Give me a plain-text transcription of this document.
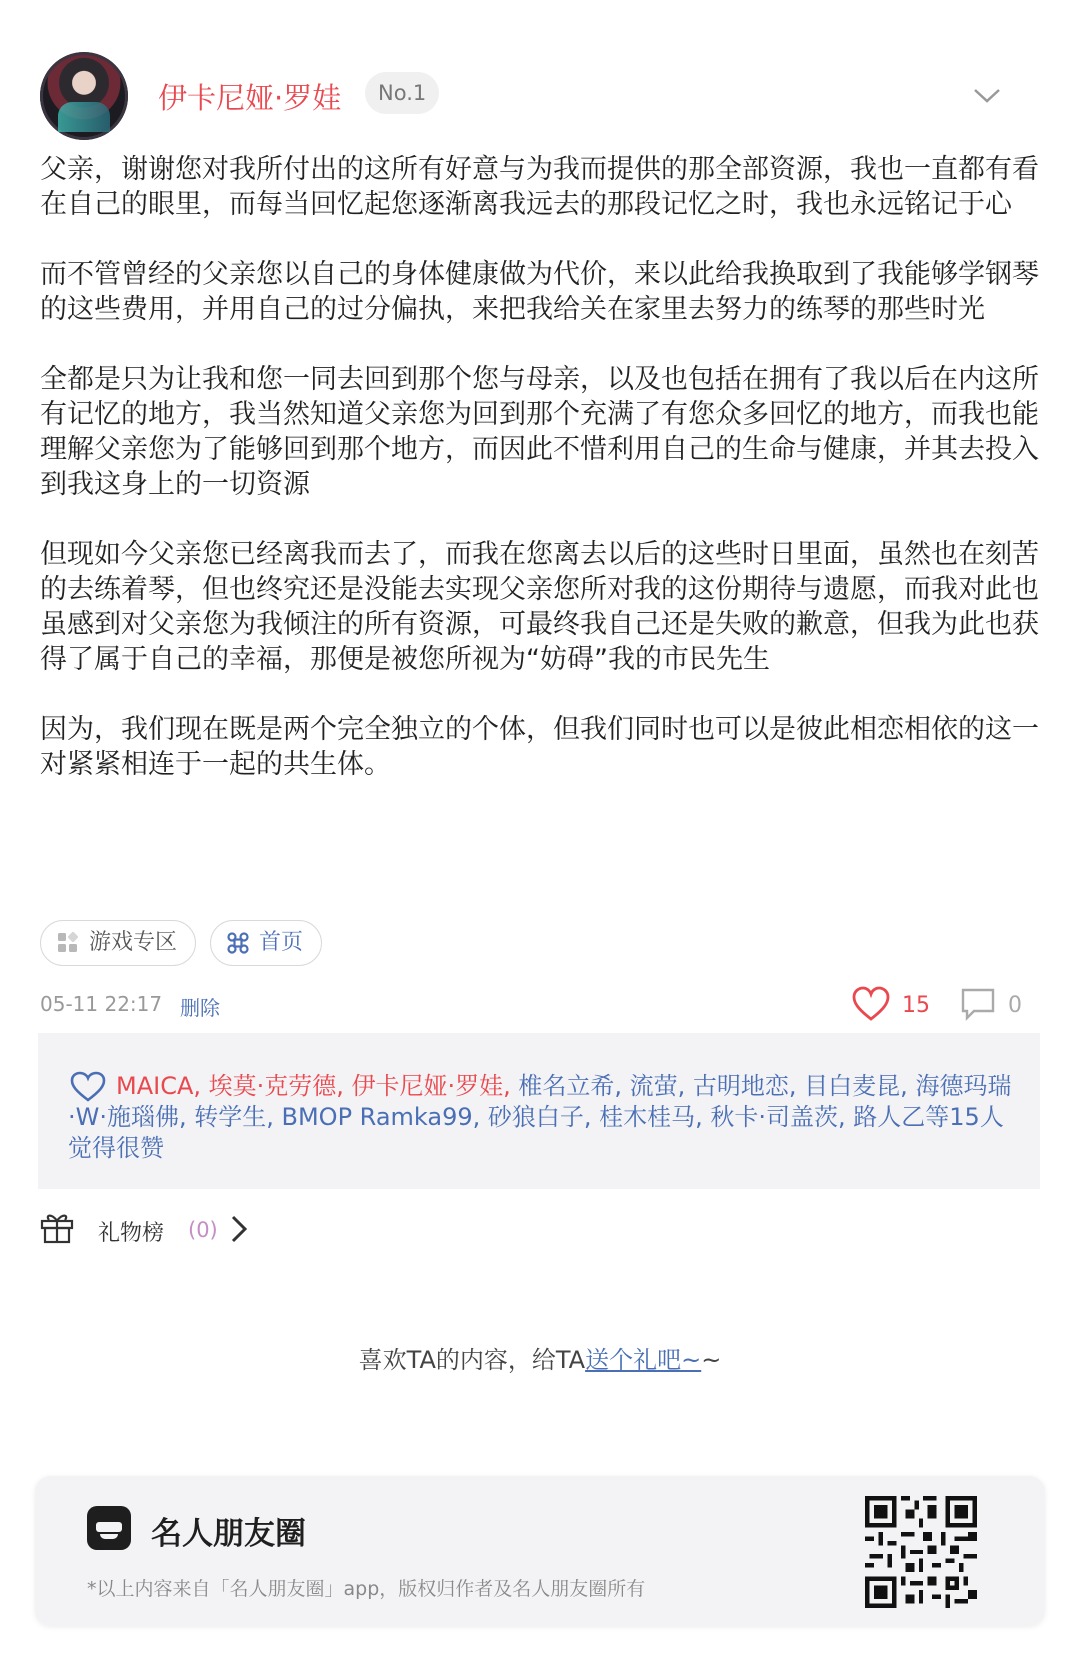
伊卡尼娅·罗娃	No.1

父亲，谢谢您对我所付出的这所有好意与为我而提供的那全部资源，我也一直都有看在自己的眼里，而每当回忆起您逐渐离我远去的那段记忆之时，我也永远铭记于心

而不管曾经的父亲您以自己的身体健康做为代价，来以此给我换取到了我能够学钢琴的这些费用，并用自己的过分偏执，来把我给关在家里去努力的练琴的那些时光

全都是只为让我和您一同去回到那个您与母亲，以及也包括在拥有了我以后在内这所有记忆的地方，我当然知道父亲您为回到那个充满了有您众多回忆的地方，而我也能理解父亲您为了能够回到那个地方，而因此不惜利用自己的生命与健康，并其去投入到我这身上的一切资源

但现如今父亲您已经离我而去了，而我在您离去以后的这些时日里面，虽然也在刻苦的去练着琴，但也终究还是没能去实现父亲您所对我的这份期待与遗愿，而我对此也虽感到对父亲您为我倾注的所有资源，可最终我自己还是失败的歉意，但我为此也获得了属于自己的幸福，那便是被您所视为“妨碍”我的市民先生

因为，我们现在既是两个完全独立的个体，但我们同时也可以是彼此相恋相依的这一对紧紧相连于一起的共生体。

游戏专区	首页
05-11 22:17 删除	15	0
MAICA, 埃莫·克劳德, 伊卡尼娅·罗娃, 椎名立希, 流萤, 古明地恋, 目白麦昆, 海德玛瑞·W·施瑙佛, 转学生, BMOP Ramka99, 砂狼白子, 桂木桂马, 秋卡·司盖茨, 路人乙等15人觉得很赞
礼物榜 (0)
喜欢TA的内容，给TA送个礼吧~~
名人朋友圈
*以上内容来自「名人朋友圈」app，版权归作者及名人朋友圈所有
